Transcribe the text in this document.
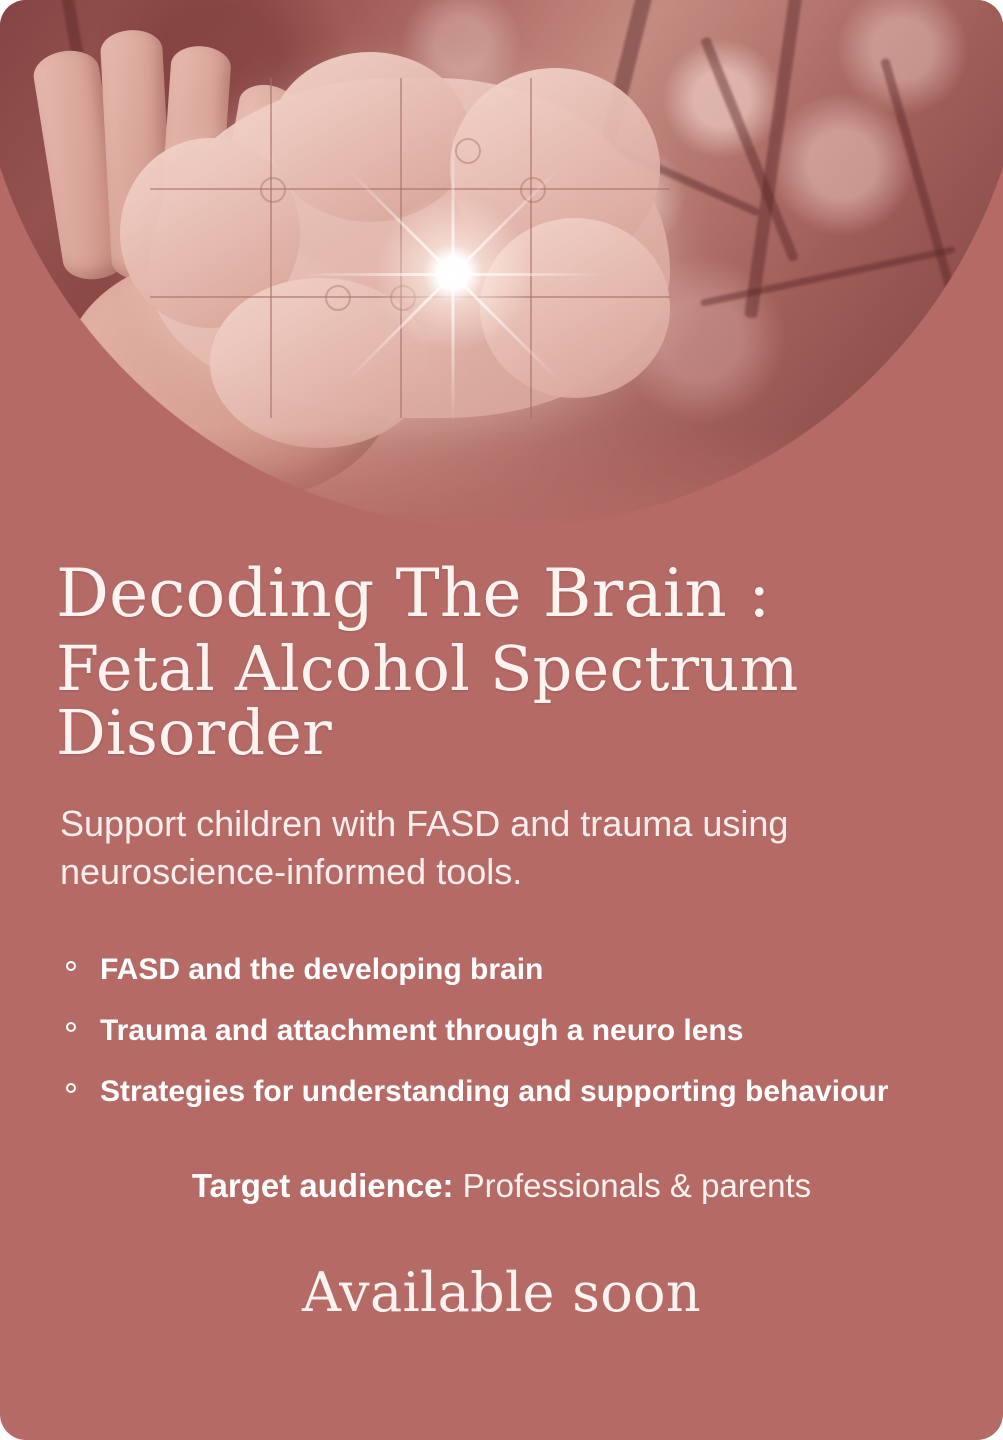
Decoding The Brain :
Fetal Alcohol Spectrum Disorder
Support children with FASD and trauma using neuroscience-informed tools.
FASD and the developing brain
Trauma and attachment through a neuro lens
Strategies for understanding and supporting behaviour
Target audience: Professionals & parents
Available soon
